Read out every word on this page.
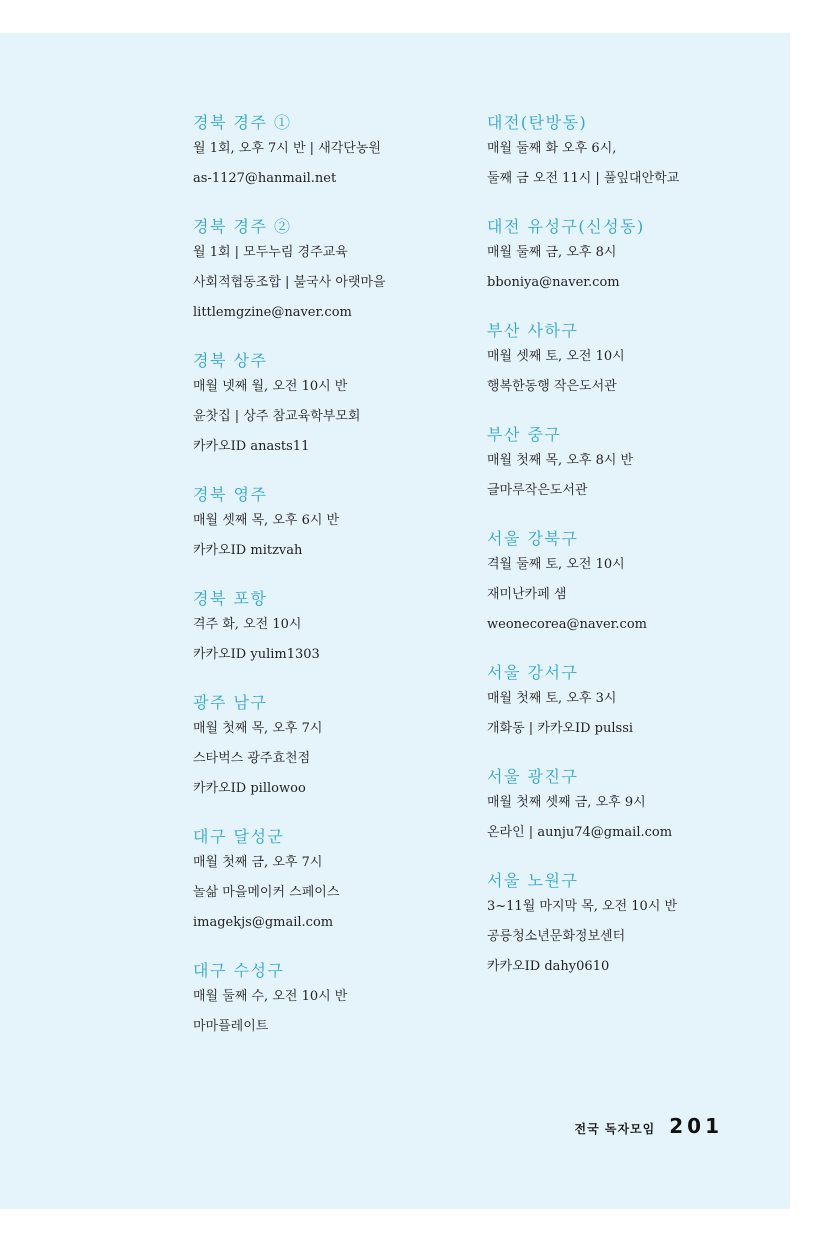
경북 경주 ①
월 1회, 오후 7시 반 | 새각단농원
as-1127@hanmail.net
경북 경주 ②
월 1회 | 모두누림 경주교육
사회적협동조합 | 불국사 아랫마을
littlemgzine@naver.com
경북 상주
매월 넷째 월, 오전 10시 반
윤찻집 | 상주 참교육학부모회
카카오ID anasts11
경북 영주
매월 셋째 목, 오후 6시 반
카카오ID mitzvah
경북 포항
격주 화, 오전 10시
카카오ID yulim1303
광주 남구
매월 첫째 목, 오후 7시
스타벅스 광주효천점
카카오ID pillowoo
대구 달성군
매월 첫째 금, 오후 7시
놀삶 마을메이커 스페이스
imagekjs@gmail.com
대구 수성구
매월 둘째 수, 오전 10시 반
마마플레이트
대전(탄방동)
매월 둘째 화 오후 6시,
둘째 금 오전 11시 | 풀잎대안학교
대전 유성구(신성동)
매월 둘째 금, 오후 8시
bboniya@naver.com
부산 사하구
매월 셋째 토, 오전 10시
행복한동행 작은도서관
부산 중구
매월 첫째 목, 오후 8시 반
글마루작은도서관
서울 강북구
격월 둘째 토, 오전 10시
재미난카페 샘
weonecorea@naver.com
서울 강서구
매월 첫째 토, 오후 3시
개화동 | 카카오ID pulssi
서울 광진구
매월 첫째 셋째 금, 오후 9시
온라인 | aunju74@gmail.com
서울 노원구
3~11월 마지막 목, 오전 10시 반
공릉청소년문화정보센터
카카오ID dahy0610
전국 독자모임 201
